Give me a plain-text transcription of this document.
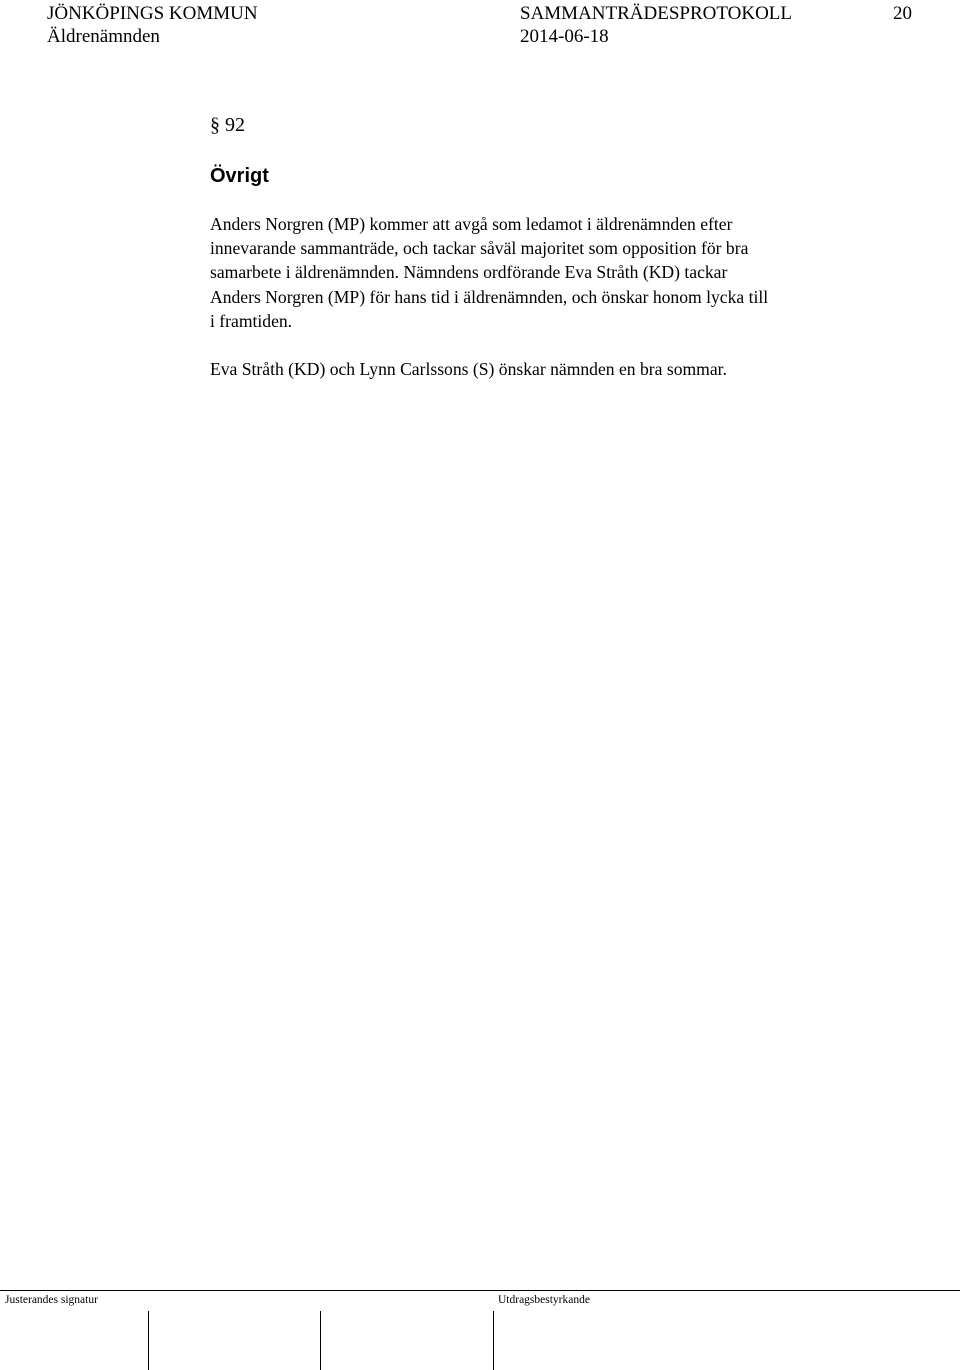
JÖNKÖPINGS KOMMUN
Äldrenämnden
SAMMANTRÄDESPROTOKOLL
2014-06-18
20
§ 92
Övrigt

Anders Norgren (MP) kommer att avgå som ledamot i äldrenämnden efter
innevarande sammanträde, och tackar såväl majoritet som opposition för bra
samarbete i äldrenämnden. Nämndens ordförande Eva Stråth (KD) tackar
Anders Norgren (MP) för hans tid i äldrenämnden, och önskar honom lycka till
i framtiden.

Eva Stråth (KD) och Lynn Carlssons (S) önskar nämnden en bra sommar.

Justerandes signatur	Utdragsbestyrkande
